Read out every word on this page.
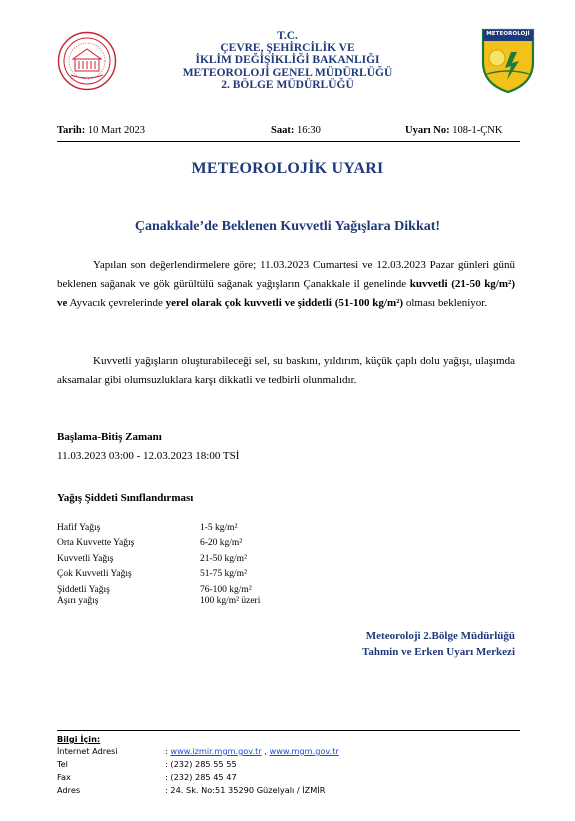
T.C.
ÇEVRE, ŞEHİRCİLİK VE
İKLİM DEĞİŞİKLİĞİ BAKANLIĞI
METEOROLOJİ GENEL MÜDÜRLÜĞÜ
2. BÖLGE MÜDÜRLÜĞÜ
METEOROLOJİ
Tarih: 10 Mart 2023	Saat: 16:30	Uyarı No: 108-1-ÇNK
METEOROLOJİK UYARI
Çanakkale’de Beklenen Kuvvetli Yağışlara Dikkat!
Yapılan son değerlendirmelere göre; 11.03.2023 Cumartesi ve 12.03.2023 Pazar günleri günü beklenen sağanak ve gök gürültülü sağanak yağışların Çanakkale il genelinde kuvvetli (21-50 kg/m²) ve Ayvacık çevrelerinde yerel olarak çok kuvvetli ve şiddetli (51-100 kg/m²) olması bekleniyor.
Kuvvetli yağışların oluşturabileceği sel, su baskını, yıldırım, küçük çaplı dolu yağışı, ulaşımda aksamalar gibi olumsuzluklara karşı dikkatli ve tedbirli olunmalıdır.
Başlama-Bitiş Zamanı
11.03.2023 03:00 - 12.03.2023 18:00 TSİ
Yağış Şiddeti Sınıflandırması
Hafif Yağış	1-5 kg/m²
Orta Kuvvette Yağış	6-20 kg/m²
Kuvvetli Yağış	21-50 kg/m²
Çok Kuvvetli Yağış	51-75 kg/m²
Şiddetli Yağış	76-100 kg/m²
Aşırı yağış	100 kg/m² üzeri
Meteoroloji 2.Bölge Müdürlüğü
Tahmin ve Erken Uyarı Merkezi
Bilgi İçin:
İnternet Adresi	: www.izmir.mgm.gov.tr , www.mgm.gov.tr
Tel	: (232) 285 55 55
Fax	: (232) 285 45 47
Adres	: 24. Sk. No:51 35290 Güzelyalı / İZMİR
